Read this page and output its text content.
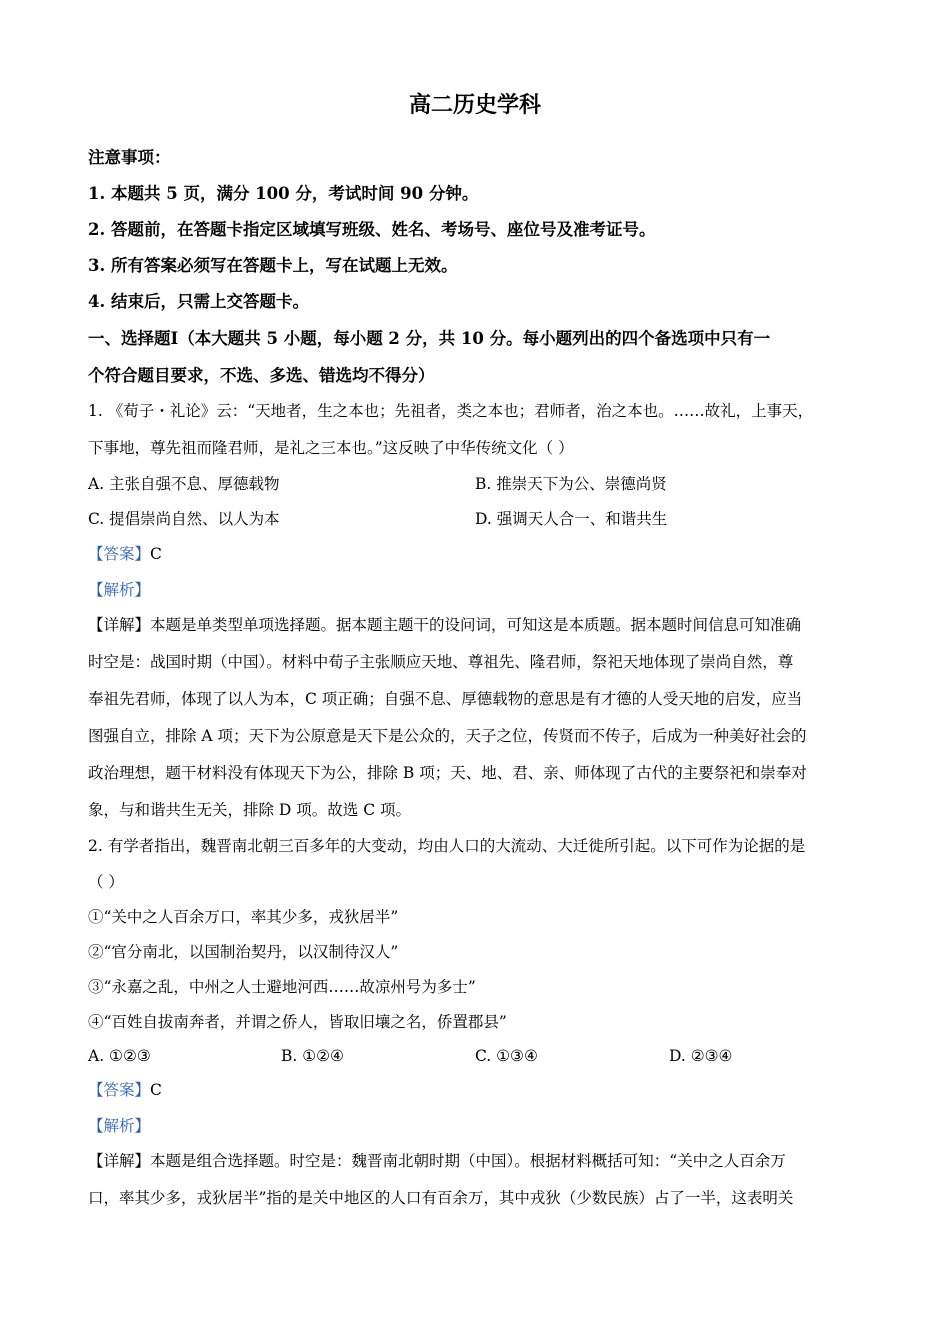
高二历史学科
注意事项：
1. 本题共 5 页，满分 100 分，考试时间 90 分钟。
2. 答题前，在答题卡指定区域填写班级、姓名、考场号、座位号及准考证号。
3. 所有答案必须写在答题卡上，写在试题上无效。
4. 结束后，只需上交答题卡。
一、选择题Ⅰ（本大题共 5 小题，每小题 2 分，共 10 分。每小题列出的四个备选项中只有一
个符合题目要求，不选、多选、错选均不得分）
1. 《荀子・礼论》云：“天地者，生之本也；先祖者，类之本也；君师者，治之本也。……故礼，上事天，
下事地，尊先祖而隆君师，是礼之三本也。”这反映了中华传统文化（ ）
A. 主张自强不息、厚德载物	B. 推崇天下为公、崇德尚贤
C. 提倡崇尚自然、以人为本	D. 强调天人合一、和谐共生
【答案】C
【解析】
【详解】本题是单类型单项选择题。据本题主题干的设问词，可知这是本质题。据本题时间信息可知准确
时空是：战国时期（中国）。材料中荀子主张顺应天地、尊祖先、隆君师，祭祀天地体现了崇尚自然，尊
奉祖先君师，体现了以人为本，C 项正确；自强不息、厚德载物的意思是有才德的人受天地的启发，应当
图强自立，排除 A 项；天下为公原意是天下是公众的，天子之位，传贤而不传子，后成为一种美好社会的
政治理想，题干材料没有体现天下为公，排除 B 项；天、地、君、亲、师体现了古代的主要祭祀和崇奉对
象，与和谐共生无关，排除 D 项。故选 C 项。
2. 有学者指出，魏晋南北朝三百多年的大变动，均由人口的大流动、大迁徙所引起。以下可作为论据的是
（ ）
①“关中之人百余万口，率其少多，戎狄居半”
②“官分南北，以国制治契丹，以汉制待汉人”
③“永嘉之乱，中州之人士避地河西……故凉州号为多士”
④“百姓自拔南奔者，并谓之侨人，皆取旧壤之名，侨置郡县”
A. ①②③	B. ①②④	C. ①③④	D. ②③④
【答案】C
【解析】
【详解】本题是组合选择题。时空是：魏晋南北朝时期（中国）。根据材料概括可知：“关中之人百余万
口，率其少多，戎狄居半”指的是关中地区的人口有百余万，其中戎狄（少数民族）占了一半，这表明关
